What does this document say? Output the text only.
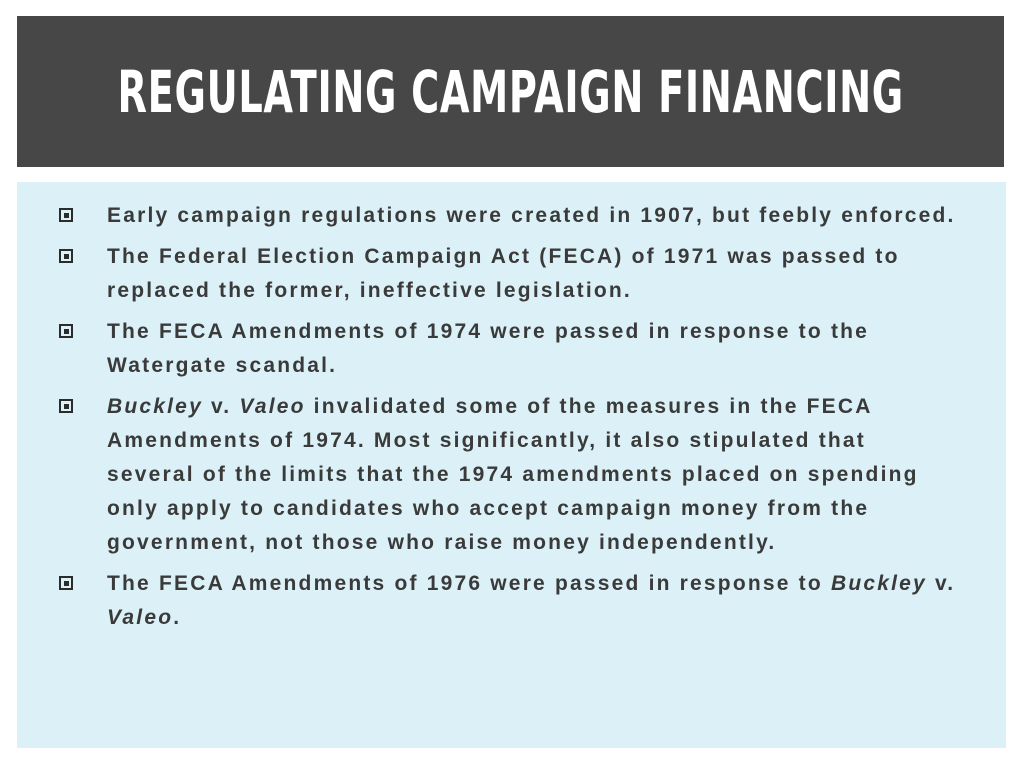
REGULATING CAMPAIGN FINANCING
Early campaign regulations were created in 1907, but feebly enforced.
The Federal Election Campaign Act (FECA) of 1971 was passed to replaced the former, ineffective legislation.
The FECA Amendments of 1974 were passed in response to the Watergate scandal.
Buckley v. Valeo invalidated some of the measures in the FECA Amendments of 1974. Most significantly, it also stipulated that several of the limits that the 1974 amendments placed on spending only apply to candidates who accept campaign money from the government, not those who raise money independently.
The FECA Amendments of 1976 were passed in response to Buckley v. Valeo.
